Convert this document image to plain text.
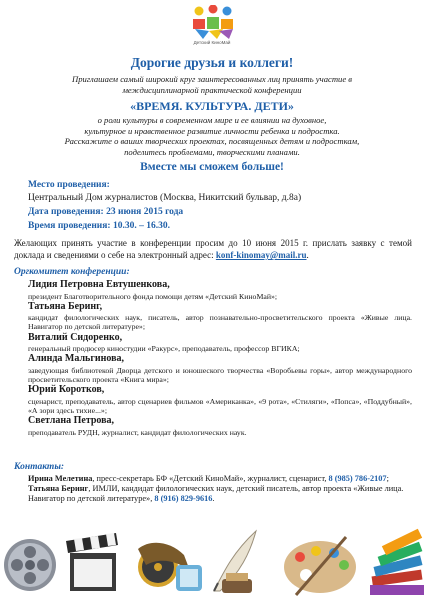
Детский КиноМай
Дорогие друзья и коллеги!
Приглашаем самый широкий круг заинтересованных лиц принять участие в
междисциплинарной практической конференции
«ВРЕМЯ. КУЛЬТУРА. ДЕТИ»
о роли культуры в современном мире и ее влиянии на духовное,
культурное и нравственное развитие личности ребенка и подростка.
Расскажите о ваших творческих проектах, посвященных детям и подросткам,
поделитесь проблемами, творческими планами.
Вместе мы сможем больше!
Место проведения:
Центральный Дом журналистов (Москва, Никитский бульвар, д.8а)
Дата проведения: 23 июня 2015 года
Время проведения: 10.30. – 16.30.
Желающих принять участие в конференции просим до 10 июня 2015 г. прислать заявку с темой доклада и сведениями о себе на электронный адрес: konf-kinomay@mail.ru.
Оргкомитет конференции:
Лидия Петровна Евтушенкова,
президент Благотворительного фонда помощи детям «Детский КиноМай»;
Татьяна Беринг,
кандидат филологических наук, писатель, автор познавательно-просветительского проекта «Живые лица. Навигатор по детской литературе»;
Виталий Сидоренко,
генеральный продюсер киностудии «Ракурс», преподаватель, профессор ВГИКА;
Алинда Мальгинова,
заведующая библиотекой Дворца детского и юношеского творчества «Воробьевы горы», автор международного просветительского проекта «Книга мира»;
Юрий Коротков,
сценарист, преподаватель, автор сценариев фильмов «Американка», «9 рота», «Стиляги», «Попса», «Поддубный», «А зори здесь тихие...»;
Светлана Петрова,
преподаватель РУДН, журналист, кандидат филологических наук.
Контакты:
Ирина Мелетина, пресс-секретарь БФ «Детский КиноМай», журналист, сценарист, 8 (985) 786-2107;
Татьяна Беринг, ИМЛИ, кандидат филологических наук, детский писатель, автор проекта «Живые лица. Навигатор по детской литературе», 8 (916) 829-9616.
